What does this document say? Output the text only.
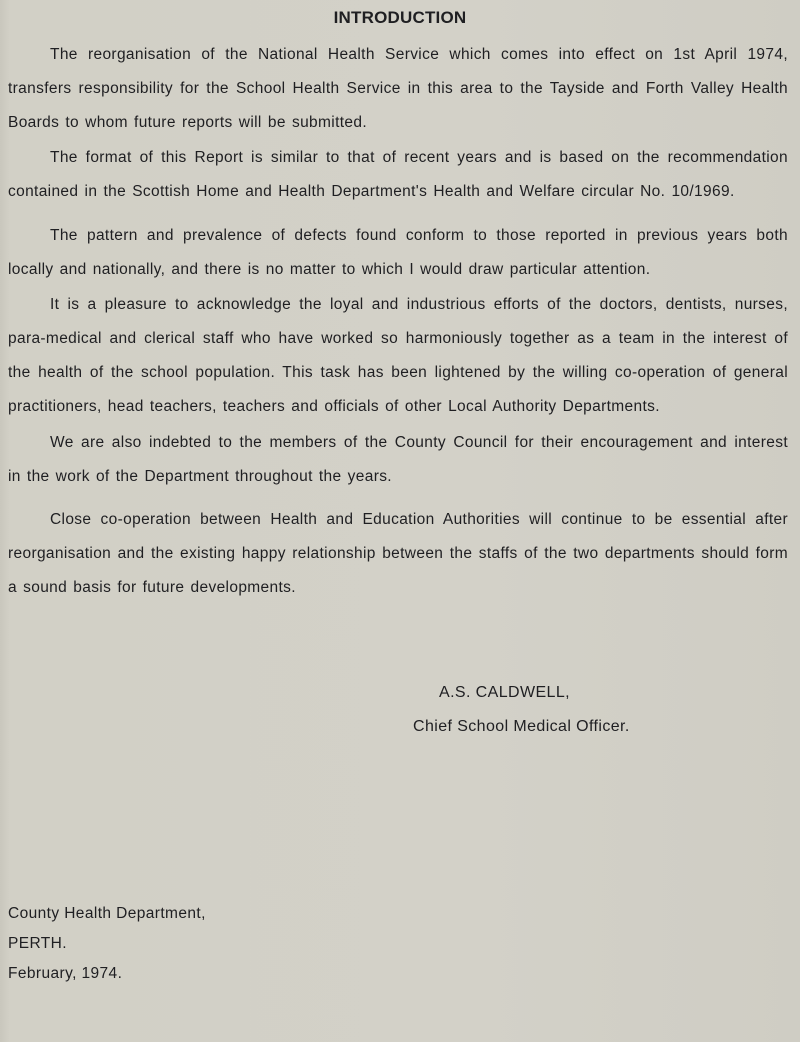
INTRODUCTION
The reorganisation of the National Health Service which comes into effect on 1st April 1974, transfers responsibility for the School Health Service in this area to the Tayside and Forth Valley Health Boards to whom future reports will be submitted.
The format of this Report is similar to that of recent years and is based on the recommendation contained in the Scottish Home and Health Department's Health and Welfare circular No. 10/1969.
The pattern and prevalence of defects found conform to those reported in previous years both locally and nationally, and there is no matter to which I would draw particular attention.
It is a pleasure to acknowledge the loyal and industrious efforts of the doctors, dentists, nurses, para-medical and clerical staff who have worked so harmoniously together as a team in the interest of the health of the school population. This task has been lightened by the willing co-operation of general practitioners, head teachers, teachers and officials of other Local Authority Departments.
We are also indebted to the members of the County Council for their encouragement and interest in the work of the Department throughout the years.
Close co-operation between Health and Education Authorities will continue to be essential after reorganisation and the existing happy relationship between the staffs of the two departments should form a sound basis for future developments.
A.S. CALDWELL,
Chief School Medical Officer.
County Health Department,
PERTH.
February, 1974.
